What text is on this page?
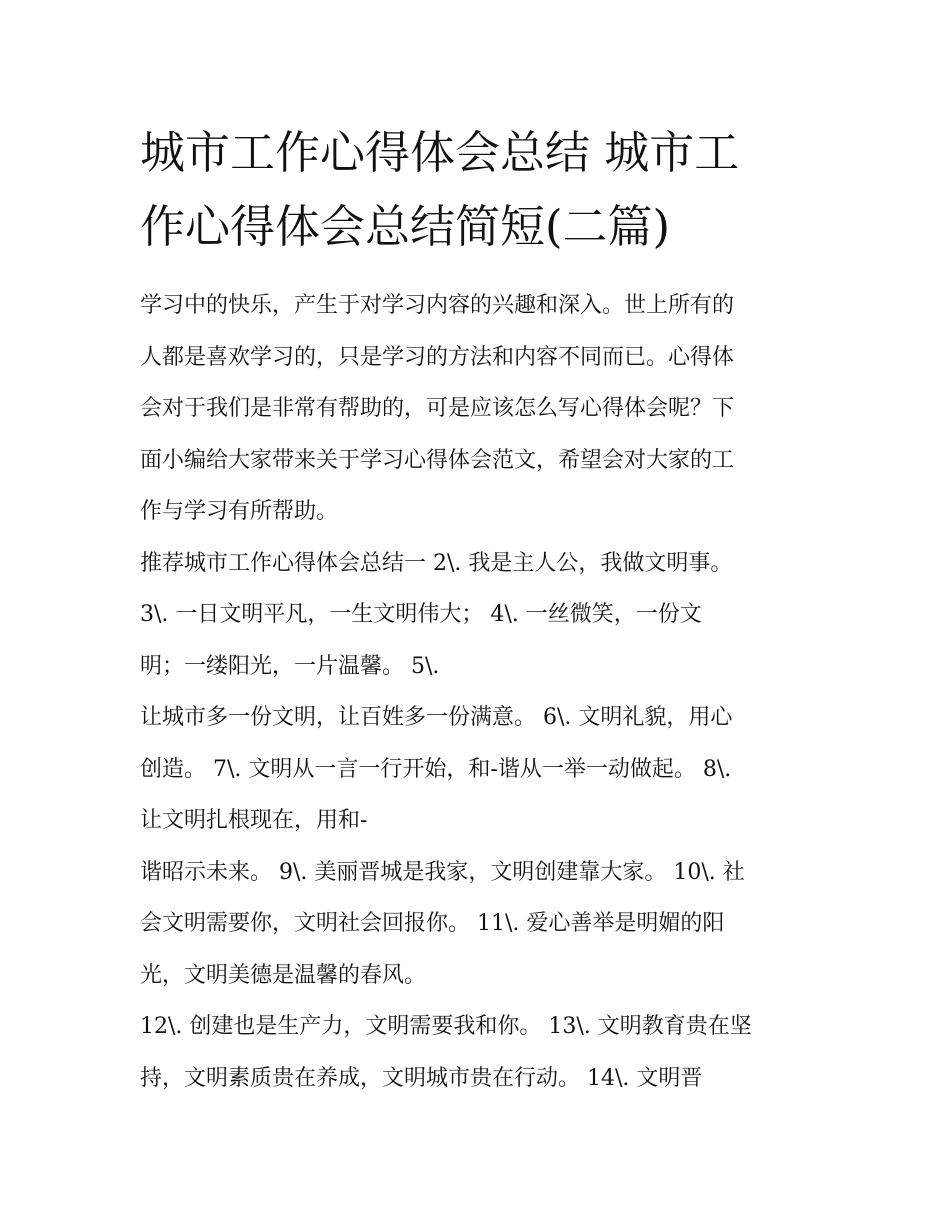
城市工作心得体会总结 城市工
作心得体会总结简短(二篇)
学习中的快乐，产生于对学习内容的兴趣和深入。世上所有的
人都是喜欢学习的，只是学习的方法和内容不同而已。心得体
会对于我们是非常有帮助的，可是应该怎么写心得体会呢？下
面小编给大家带来关于学习心得体会范文，希望会对大家的工
作与学习有所帮助。
推荐城市工作心得体会总结一 2\. 我是主人公，我做文明事。
3\. 一日文明平凡，一生文明伟大； 4\. 一丝微笑，一份文
明；一缕阳光，一片温馨。 5\.
让城市多一份文明，让百姓多一份满意。 6\. 文明礼貌，用心
创造。 7\. 文明从一言一行开始，和-谐从一举一动做起。 8\.
让文明扎根现在，用和-
谐昭示未来。 9\. 美丽晋城是我家，文明创建靠大家。 10\. 社
会文明需要你，文明社会回报你。 11\. 爱心善举是明媚的阳
光，文明美德是温馨的春风。
12\. 创建也是生产力，文明需要我和你。 13\. 文明教育贵在坚
持，文明素质贵在养成，文明城市贵在行动。 14\. 文明晋
